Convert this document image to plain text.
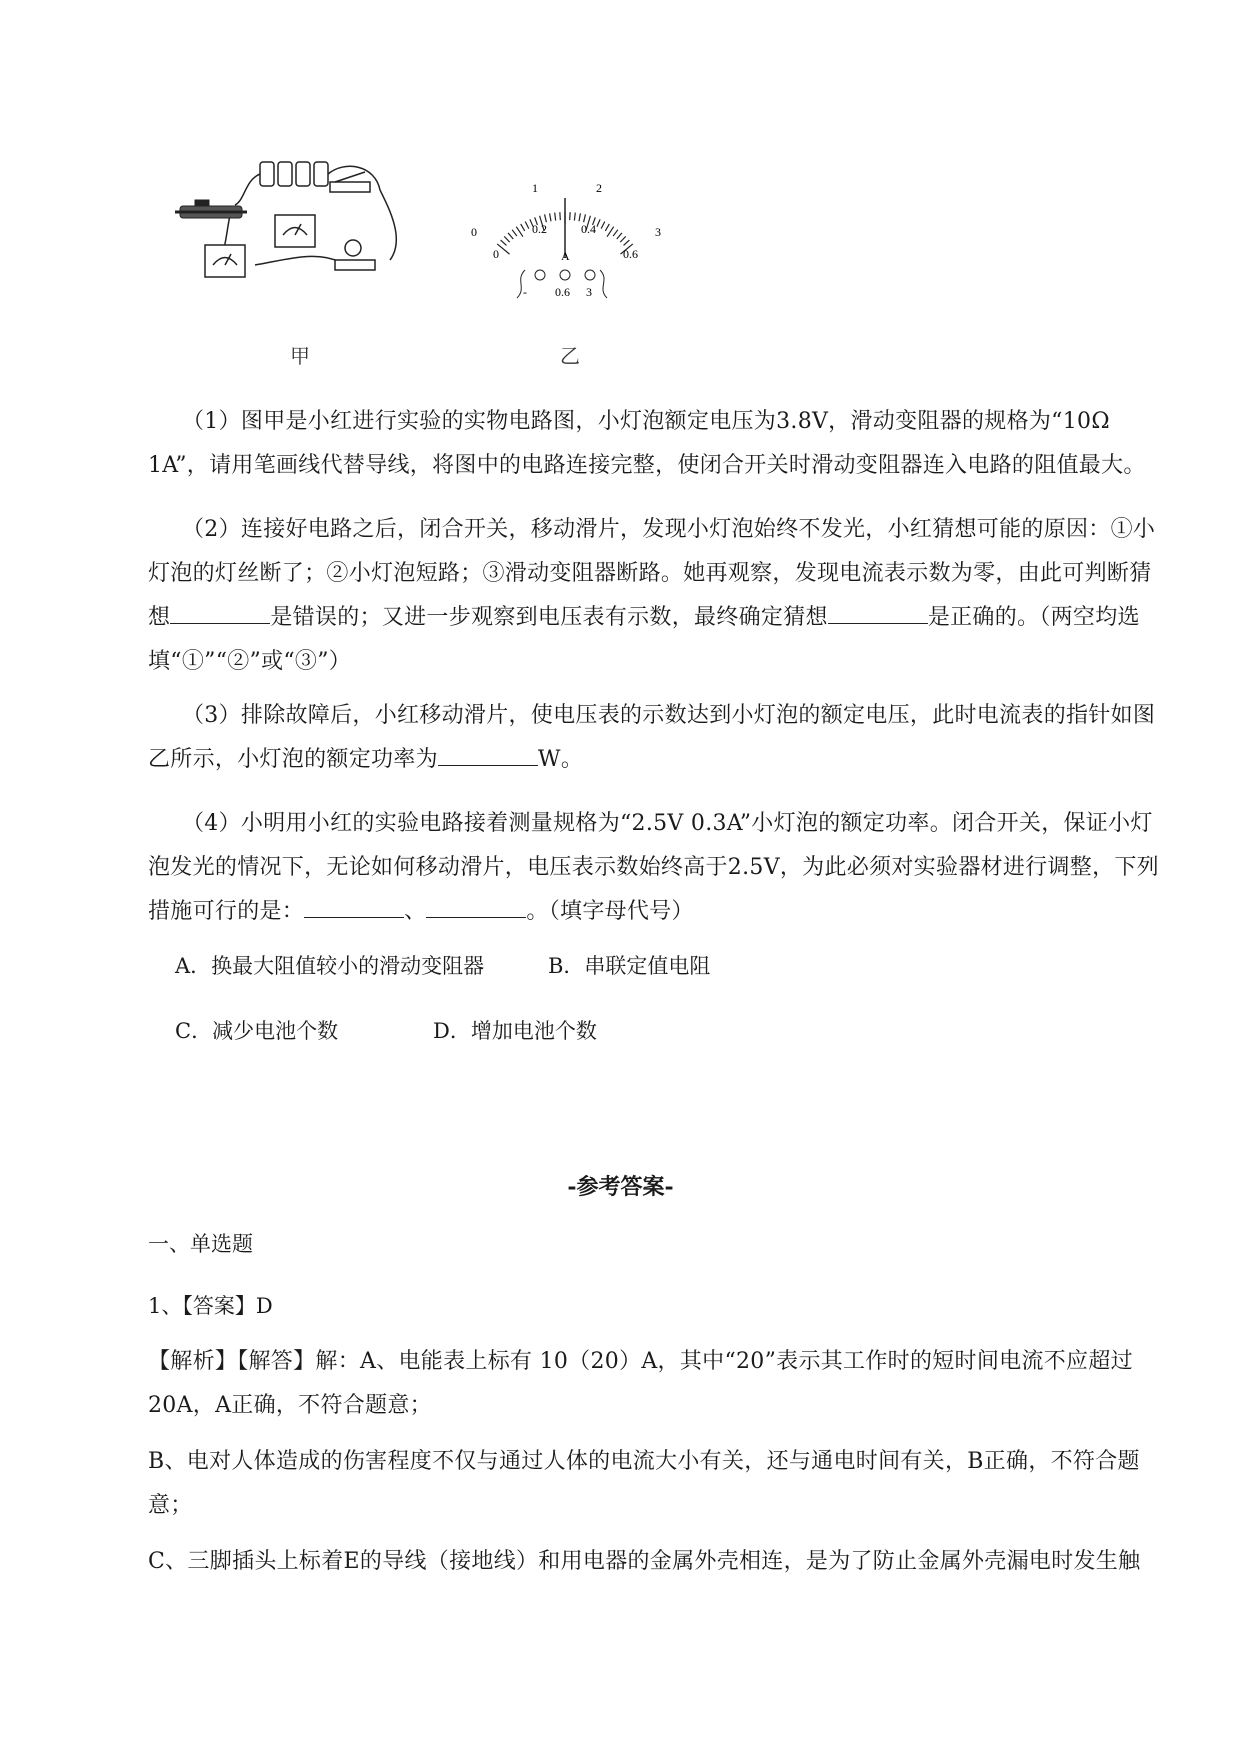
甲
0
1	2
3
0
0.2	0.4
0.6
A
- 0.6 3
乙

（1）图甲是小红进行实验的实物电路图，小灯泡额定电压为3.8V，滑动变阻器的规格为“10Ω 1A”，请用笔画线代替导线，将图中的电路连接完整，使闭合开关时滑动变阻器连入电路的阻值最大。

（2）连接好电路之后，闭合开关，移动滑片，发现小灯泡始终不发光，小红猜想可能的原因：①小灯泡的灯丝断了；②小灯泡短路；③滑动变阻器断路。她再观察，发现电流表示数为零，由此可判断猜想	是错误的；又进一步观察到电压表有示数，最终确定猜想	是正确的。（两空均选填“①”“②”或“③”）

（3）排除故障后，小红移动滑片，使电压表的示数达到小灯泡的额定电压，此时电流表的指针如图乙所示，小灯泡的额定功率为	W。

（4）小明用小红的实验电路接着测量规格为“2.5V 0.3A”小灯泡的额定功率。闭合开关，保证小灯泡发光的情况下，无论如何移动滑片，电压表示数始终高于2.5V，为此必须对实验器材进行调整，下列措施可行的是：	、	。（填字母代号）

A．换最大阻值较小的滑动变阻器	B．串联定值电阻
C．减少电池个数	D．增加电池个数
-参考答案-
一、单选题
1、【答案】D

【解析】【解答】解：A、电能表上标有 10（20）A，其中“20”表示其工作时的短时间电流不应超过20A，A正确，不符合题意；

B、电对人体造成的伤害程度不仅与通过人体的电流大小有关，还与通电时间有关，B正确，不符合题意；

C、三脚插头上标着E的导线（接地线）和用电器的金属外壳相连，是为了防止金属外壳漏电时发生触
